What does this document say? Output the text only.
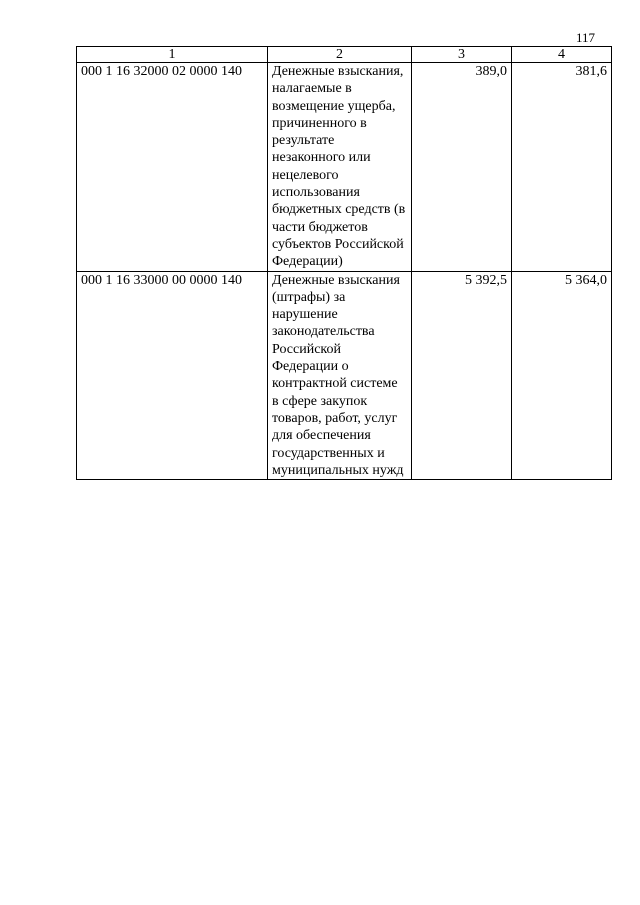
117
1	2	3	4
000 1 16 32000 02 0000 140	Денежные взыскания, налагаемые в возмещение ущерба, причиненного в результате незаконного или нецелевого использования бюджетных средств (в части бюджетов субъектов Российской Федерации)	389,0	381,6
000 1 16 33000 00 0000 140	Денежные взыскания (штрафы) за нарушение законодательства Российской Федерации о контрактной системе в сфере закупок товаров, работ, услуг для обеспечения государственных и муниципальных нужд	5 392,5	5 364,0
